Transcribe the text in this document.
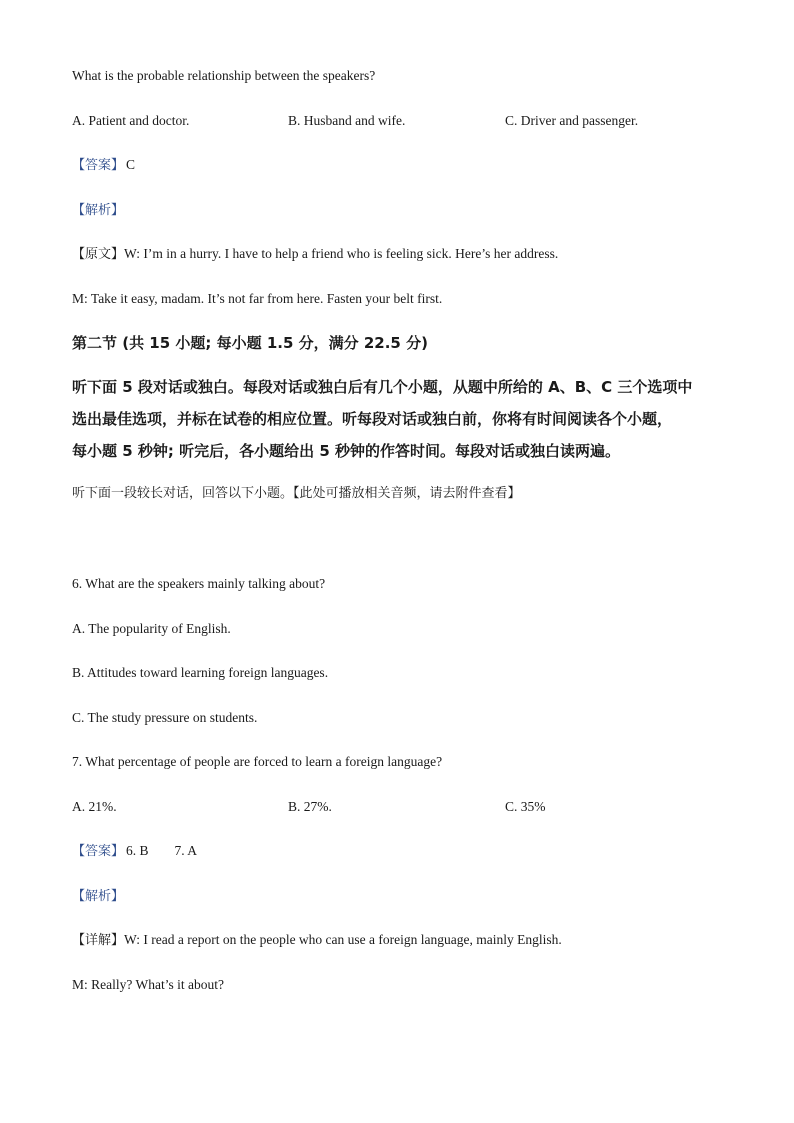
What is the probable relationship between the speakers?
A. Patient and doctor.	B. Husband and wife.	C. Driver and passenger.
【答案】 C
【解析】
【原文】W: I’m in a hurry. I have to help a friend who is feeling sick. Here’s her address.
M: Take it easy, madam. It’s not far from here. Fasten your belt first.
第二节 (共 15 小题; 每小题 1.5 分，满分 22.5 分)
听下面 5 段对话或独白。每段对话或独白后有几个小题，从题中所给的 A、B、C 三个选项中
选出最佳选项，并标在试卷的相应位置。听每段对话或独白前，你将有时间阅读各个小题，
每小题 5 秒钟; 听完后，各小题给出 5 秒钟的作答时间。每段对话或独白读两遍。
听下面一段较长对话，回答以下小题。【此处可播放相关音频，请去附件查看】
6. What are the speakers mainly talking about?
A. The popularity of English.
B. Attitudes toward learning foreign languages.
C. The study pressure on students.
7. What percentage of people are forced to learn a foreign language?
A. 21%.	B. 27%.	C. 35%
【答案】 6. B 7. A
【解析】
【详解】W: I read a report on the people who can use a foreign language, mainly English.
M: Really? What’s it about?
